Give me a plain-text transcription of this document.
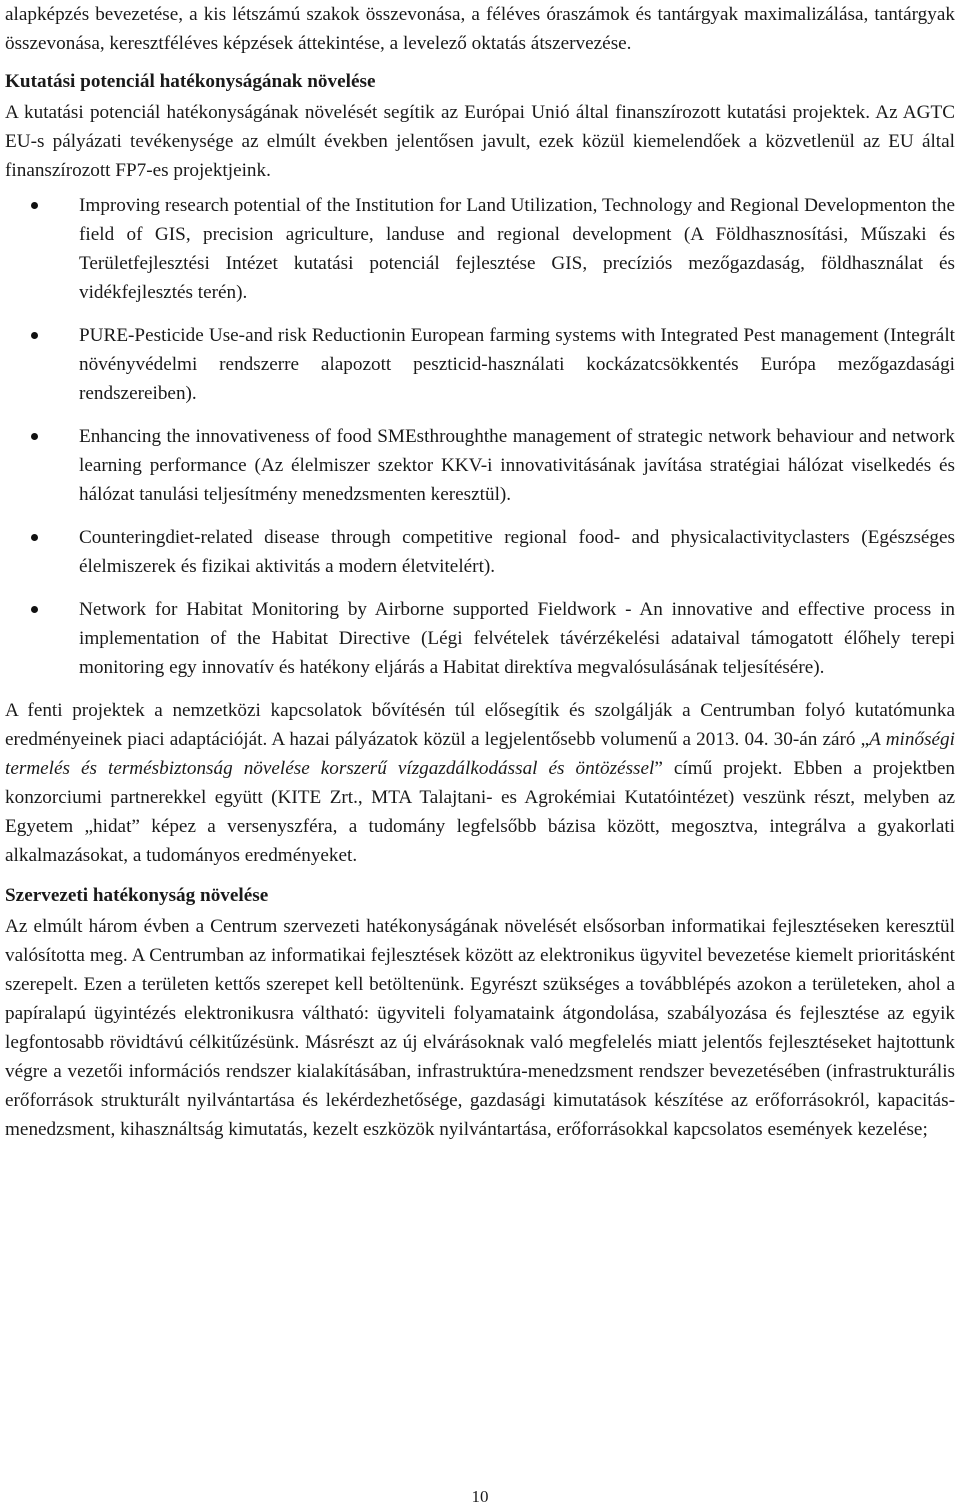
alapképzés bevezetése, a kis létszámú szakok összevonása, a féléves óraszámok és tantárgyak maximalizálása, tantárgyak összevonása, keresztféléves képzések áttekintése, a levelező oktatás átszervezése.

Kutatási potenciál hatékonyságának növelése

A kutatási potenciál hatékonyságának növelését segítik az Európai Unió által finanszírozott kutatási projektek. Az AGTC EU-s pályázati tevékenysége az elmúlt években jelentősen javult, ezek közül kiemelendőek a közvetlenül az EU által finanszírozott FP7-es projektjeink.

Improving research potential of the Institution for Land Utilization, Technology and Regional Developmenton the field of GIS, precision agriculture, landuse and regional development (A Földhasznosítási, Műszaki és Területfejlesztési Intézet kutatási potenciál fejlesztése GIS, precíziós mezőgazdaság, földhasználat és vidékfejlesztés terén).
PURE-Pesticide Use-and risk Reductionin European farming systems with Integrated Pest management (Integrált növényvédelmi rendszerre alapozott peszticid-használati kockázatcsökkentés Európa mezőgazdasági rendszereiben).
Enhancing the innovativeness of food SMEsthroughthe management of strategic network behaviour and network learning performance (Az élelmiszer szektor KKV-i innovativitásának javítása stratégiai hálózat viselkedés és hálózat tanulási teljesítmény menedzsmenten keresztül).
Counteringdiet-related disease through competitive regional food- and physicalactivityclasters (Egészséges élelmiszerek és fizikai aktivitás a modern életvitelért).
Network for Habitat Monitoring by Airborne supported Fieldwork - An innovative and effective process in implementation of the Habitat Directive (Légi felvételek távérzékelési adataival támogatott élőhely terepi monitoring egy innovatív és hatékony eljárás a Habitat direktíva megvalósulásának teljesítésére).

A fenti projektek a nemzetközi kapcsolatok bővítésén túl elősegítik és szolgálják a Centrumban folyó kutatómunka eredményeinek piaci adaptációját. A hazai pályázatok közül a legjelentősebb volumenű a 2013. 04. 30-án záró „A minőségi termelés és termésbiztonság növelése korszerű vízgazdálkodással és öntözéssel” című projekt. Ebben a projektben konzorciumi partnerekkel együtt (KITE Zrt., MTA Talajtani- es Agrokémiai Kutatóintézet) veszünk részt, melyben az Egyetem „hidat” képez a versenyszféra, a tudomány legfelsőbb bázisa között, megosztva, integrálva a gyakorlati alkalmazásokat, a tudományos eredményeket.

Szervezeti hatékonyság növelése

Az elmúlt három évben a Centrum szervezeti hatékonyságának növelését elsősorban informatikai fejlesztéseken keresztül valósította meg. A Centrumban az informatikai fejlesztések között az elektronikus ügyvitel bevezetése kiemelt prioritásként szerepelt. Ezen a területen kettős szerepet kell betöltenünk. Egyrészt szükséges a továbblépés azokon a területeken, ahol a papíralapú ügyintézés elektronikusra váltható: ügyviteli folyamataink átgondolása, szabályozása és fejlesztése az egyik legfontosabb rövidtávú célkitűzésünk. Másrészt az új elvárásoknak való megfelelés miatt jelentős fejlesztéseket hajtottunk végre a vezetői információs rendszer kialakításában, infrastruktúra-menedzsment rendszer bevezetésében (infrastrukturális erőforrások strukturált nyilvántartása és lekérdezhetősége, gazdasági kimutatások készítése az erőforrásokról, kapacitás-menedzsment, kihasználtság kimutatás, kezelt eszközök nyilvántartása, erőforrásokkal kapcsolatos események kezelése;

10
